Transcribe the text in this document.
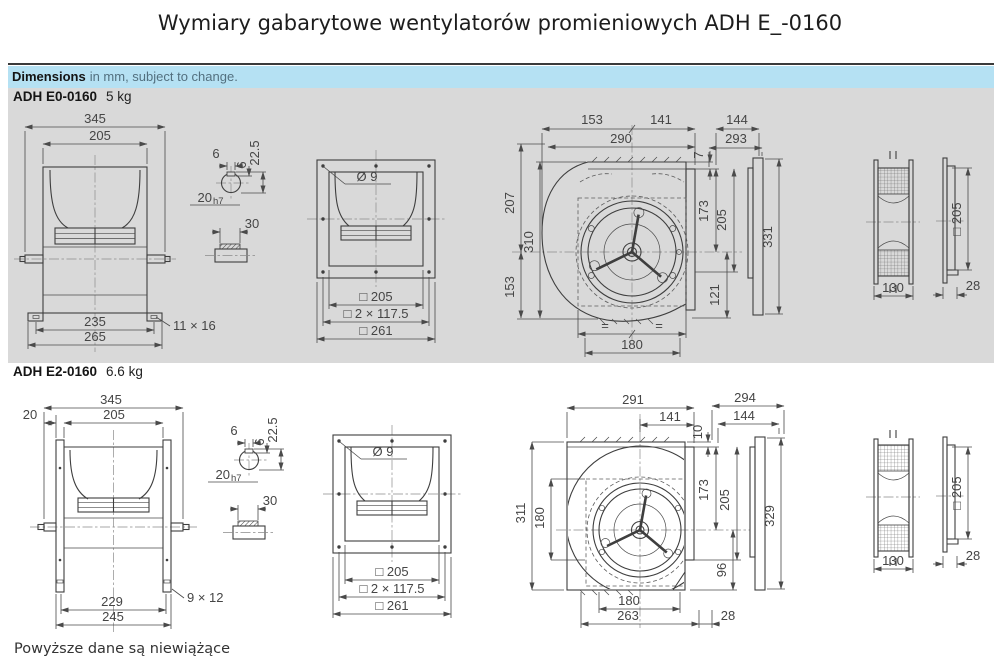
Wymiary gabarytowe wentylatorów promieniowych ADH E_-0160
Dimensions in mm, subject to change.
ADH E0-0160 5 kg
345
205
235
265
11 × 16
6
6
22.5
20 h7
30
Ø 9
□ 205
□ 2 × 117.5
□ 261
153	141
290
7
173 205
121
207
310
153
=	=
180
144
293
331
130
□ 205
28
ADH E2-0160 6.6 kg
345
20	205
229
245
9 × 12
6
6
22.5
20 h7
30
Ø 9
□ 205
□ 2 × 117.5
□ 261
291
141
10
173 205
96
311 180
180
263	28
294
144
329
130
□ 205
28
Powyższe dane są niewiążące
